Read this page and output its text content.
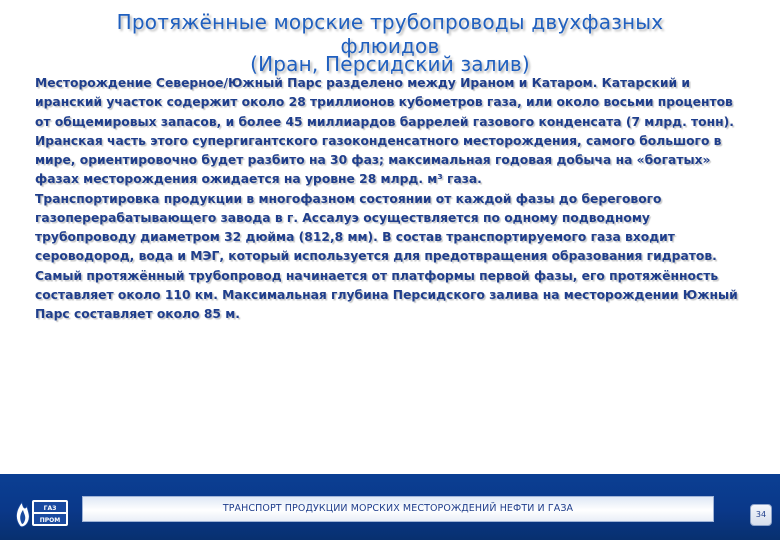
Протяжённые морские трубопроводы двухфазных
флюидов
(Иран, Персидский залив)

Месторождение Северное/Южный Парс разделено между Ираном и Катаром. Катарский и иранский участок содержит около 28 триллионов кубометров газа, или около восьми процентов от общемировых запасов, и более 45 миллиардов баррелей газового конденсата (7 млрд. тонн).

Иранская часть этого супергигантского газоконденсатного месторождения, самого большого в мире, ориентировочно будет разбито на 30 фаз; максимальная годовая добыча на «богатых» фазах месторождения ожидается на уровне 28 млрд. м³ газа.

Транспортировка продукции в многофазном состоянии от каждой фазы до берегового газоперерабатывающего завода в г. Ассалуэ осуществляется по одному подводному трубопроводу диаметром 32 дюйма (812,8 мм). В состав транспортируемого газа входит сероводород, вода и МЭГ, который используется для предотвращения образования гидратов.

Самый протяжённый трубопровод начинается от платформы первой фазы, его протяжённость составляет около 110 км. Максимальная глубина Персидского залива на месторождении Южный Парс составляет около 85 м.

ГАЗ
ПРОМ
ТРАНСПОРТ ПРОДУКЦИИ МОРСКИХ МЕСТОРОЖДЕНИЙ НЕФТИ И ГАЗА
34
